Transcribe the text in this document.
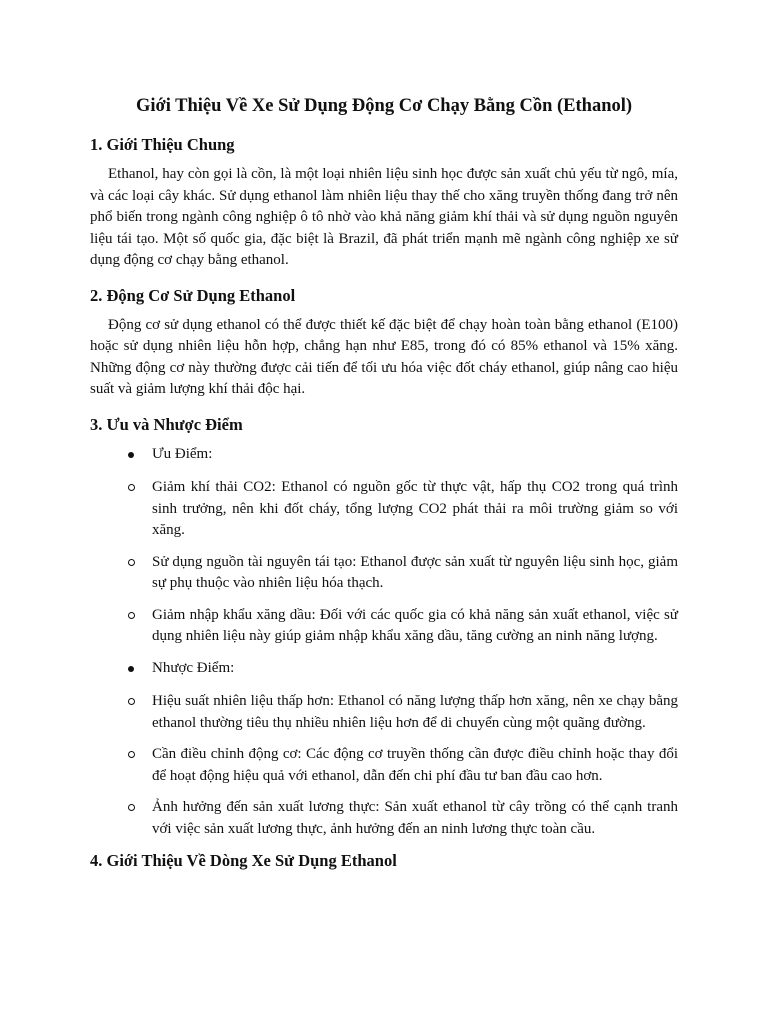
Giới Thiệu Về Xe Sử Dụng Động Cơ Chạy Bằng Cồn (Ethanol)
1. Giới Thiệu Chung

Ethanol, hay còn gọi là cồn, là một loại nhiên liệu sinh học được sản xuất chủ yếu từ ngô, mía, và các loại cây khác. Sử dụng ethanol làm nhiên liệu thay thế cho xăng truyền thống đang trở nên phổ biến trong ngành công nghiệp ô tô nhờ vào khả năng giảm khí thải và sử dụng nguồn nguyên liệu tái tạo. Một số quốc gia, đặc biệt là Brazil, đã phát triển mạnh mẽ ngành công nghiệp xe sử dụng động cơ chạy bằng ethanol.

2. Động Cơ Sử Dụng Ethanol

Động cơ sử dụng ethanol có thể được thiết kế đặc biệt để chạy hoàn toàn bằng ethanol (E100) hoặc sử dụng nhiên liệu hỗn hợp, chẳng hạn như E85, trong đó có 85% ethanol và 15% xăng. Những động cơ này thường được cải tiến để tối ưu hóa việc đốt cháy ethanol, giúp nâng cao hiệu suất và giảm lượng khí thải độc hại.

3. Ưu và Nhược Điểm
Ưu Điểm:
Giảm khí thải CO2: Ethanol có nguồn gốc từ thực vật, hấp thụ CO2 trong quá trình sinh trưởng, nên khi đốt cháy, tổng lượng CO2 phát thải ra môi trường giảm so với xăng.
Sử dụng nguồn tài nguyên tái tạo: Ethanol được sản xuất từ nguyên liệu sinh học, giảm sự phụ thuộc vào nhiên liệu hóa thạch.
Giảm nhập khẩu xăng dầu: Đối với các quốc gia có khả năng sản xuất ethanol, việc sử dụng nhiên liệu này giúp giảm nhập khẩu xăng dầu, tăng cường an ninh năng lượng.
Nhược Điểm:
Hiệu suất nhiên liệu thấp hơn: Ethanol có năng lượng thấp hơn xăng, nên xe chạy bằng ethanol thường tiêu thụ nhiều nhiên liệu hơn để di chuyển cùng một quãng đường.
Cần điều chỉnh động cơ: Các động cơ truyền thống cần được điều chỉnh hoặc thay đổi để hoạt động hiệu quả với ethanol, dẫn đến chi phí đầu tư ban đầu cao hơn.
Ảnh hưởng đến sản xuất lương thực: Sản xuất ethanol từ cây trồng có thể cạnh tranh với việc sản xuất lương thực, ảnh hưởng đến an ninh lương thực toàn cầu.
4. Giới Thiệu Về Dòng Xe Sử Dụng Ethanol
